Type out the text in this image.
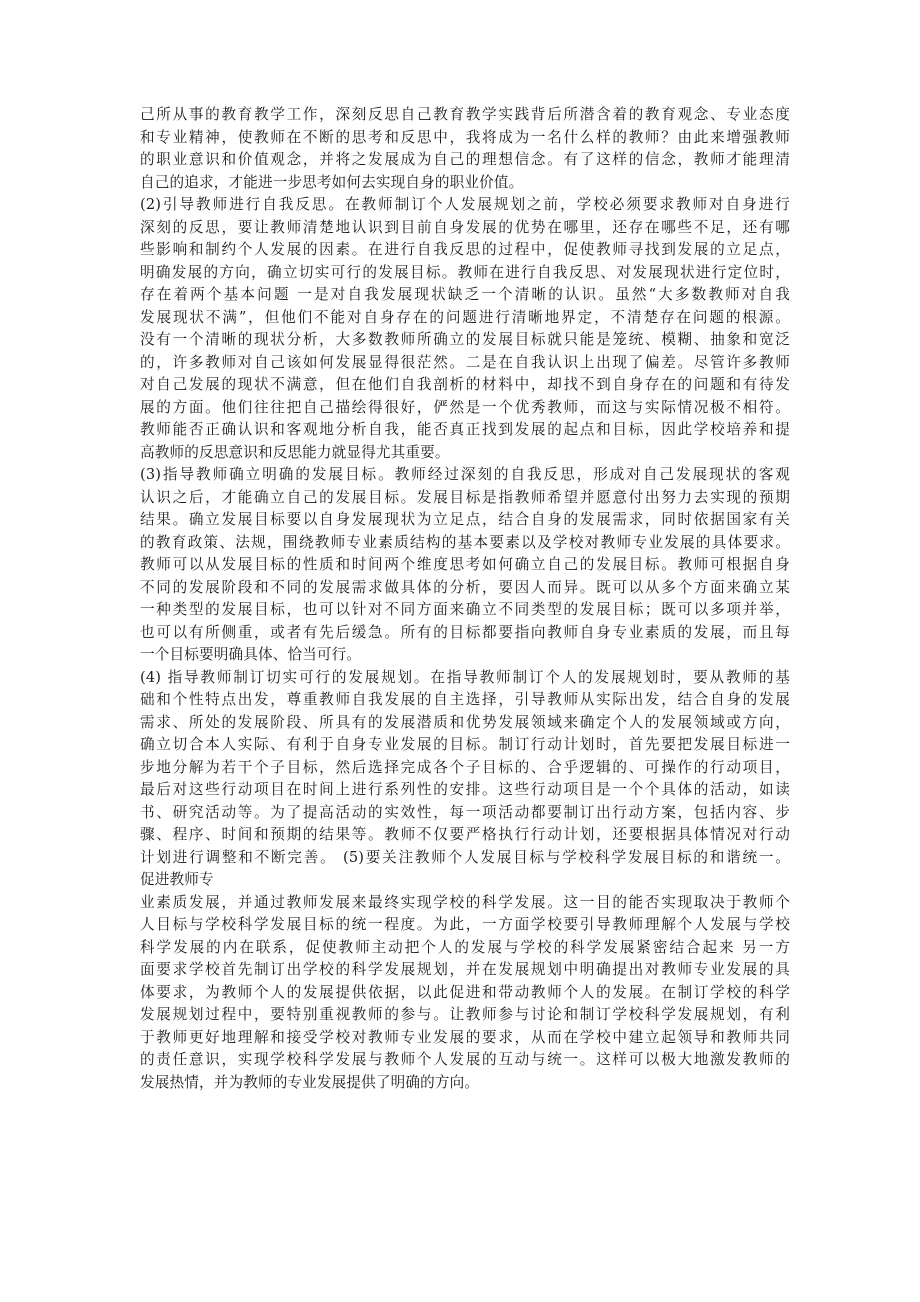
己所从事的教育教学工作，深刻反思自己教育教学实践背后所潜含着的教育观念、专业态度
和专业精神，使教师在不断的思考和反思中，我将成为一名什么样的教师？由此来增强教师
的职业意识和价值观念，并将之发展成为自己的理想信念。有了这样的信念，教师才能理清
自己的追求，才能进一步思考如何去实现自身的职业价值。
(2)引导教师进行自我反思。在教师制订个人发展规划之前，学校必须要求教师对自身进行
深刻的反思，要让教师清楚地认识到目前自身发展的优势在哪里，还存在哪些不足，还有哪
些影响和制约个人发展的因素。在进行自我反思的过程中，促使教师寻找到发展的立足点，
明确发展的方向，确立切实可行的发展目标。教师在进行自我反思、对发展现状进行定位时，
存在着两个基本问题 一是对自我发展现状缺乏一个清晰的认识。虽然“大多数教师对自我
发展现状不满”，但他们不能对自身存在的问题进行清晰地界定，不清楚存在问题的根源。
没有一个清晰的现状分析，大多数教师所确立的发展目标就只能是笼统、模糊、抽象和宽泛
的，许多教师对自己该如何发展显得很茫然。二是在自我认识上出现了偏差。尽管许多教师
对自己发展的现状不满意，但在他们自我剖析的材料中，却找不到自身存在的问题和有待发
展的方面。他们往往把自己描绘得很好，俨然是一个优秀教师，而这与实际情况极不相符。
教师能否正确认识和客观地分析自我，能否真正找到发展的起点和目标，因此学校培养和提
高教师的反思意识和反思能力就显得尤其重要。
(3)指导教师确立明确的发展目标。教师经过深刻的自我反思，形成对自己发展现状的客观
认识之后，才能确立自己的发展目标。发展目标是指教师希望并愿意付出努力去实现的预期
结果。确立发展目标要以自身发展现状为立足点，结合自身的发展需求，同时依据国家有关
的教育政策、法规，围绕教师专业素质结构的基本要素以及学校对教师专业发展的具体要求。
教师可以从发展目标的性质和时间两个维度思考如何确立自己的发展目标。教师可根据自身
不同的发展阶段和不同的发展需求做具体的分析，要因人而异。既可以从多个方面来确立某
一种类型的发展目标，也可以针对不同方面来确立不同类型的发展目标；既可以多项并举，
也可以有所侧重，或者有先后缓急。所有的目标都要指向教师自身专业素质的发展，而且每
一个目标要明确具体、恰当可行。
(4) 指导教师制订切实可行的发展规划。在指导教师制订个人的发展规划时，要从教师的基
础和个性特点出发，尊重教师自我发展的自主选择，引导教师从实际出发，结合自身的发展
需求、所处的发展阶段、所具有的发展潜质和优势发展领域来确定个人的发展领域或方向，
确立切合本人实际、有利于自身专业发展的目标。制订行动计划时，首先要把发展目标进一
步地分解为若干个子目标，然后选择完成各个子目标的、合乎逻辑的、可操作的行动项目，
最后对这些行动项目在时间上进行系列性的安排。这些行动项目是一个个具体的活动，如读
书、研究活动等。为了提高活动的实效性，每一项活动都要制订出行动方案，包括内容、步
骤、程序、时间和预期的结果等。教师不仅要严格执行行动计划，还要根据具体情况对行动
计划进行调整和不断完善。 (5)要关注教师个人发展目标与学校科学发展目标的和谐统一。
促进教师专
业素质发展，并通过教师发展来最终实现学校的科学发展。这一目的能否实现取决于教师个
人目标与学校科学发展目标的统一程度。为此，一方面学校要引导教师理解个人发展与学校
科学发展的内在联系，促使教师主动把个人的发展与学校的科学发展紧密结合起来 另一方
面要求学校首先制订出学校的科学发展规划，并在发展规划中明确提出对教师专业发展的具
体要求，为教师个人的发展提供依据，以此促进和带动教师个人的发展。在制订学校的科学
发展规划过程中，要特别重视教师的参与。让教师参与讨论和制订学校科学发展规划，有利
于教师更好地理解和接受学校对教师专业发展的要求，从而在学校中建立起领导和教师共同
的责任意识，实现学校科学发展与教师个人发展的互动与统一。这样可以极大地激发教师的
发展热情，并为教师的专业发展提供了明确的方向。
